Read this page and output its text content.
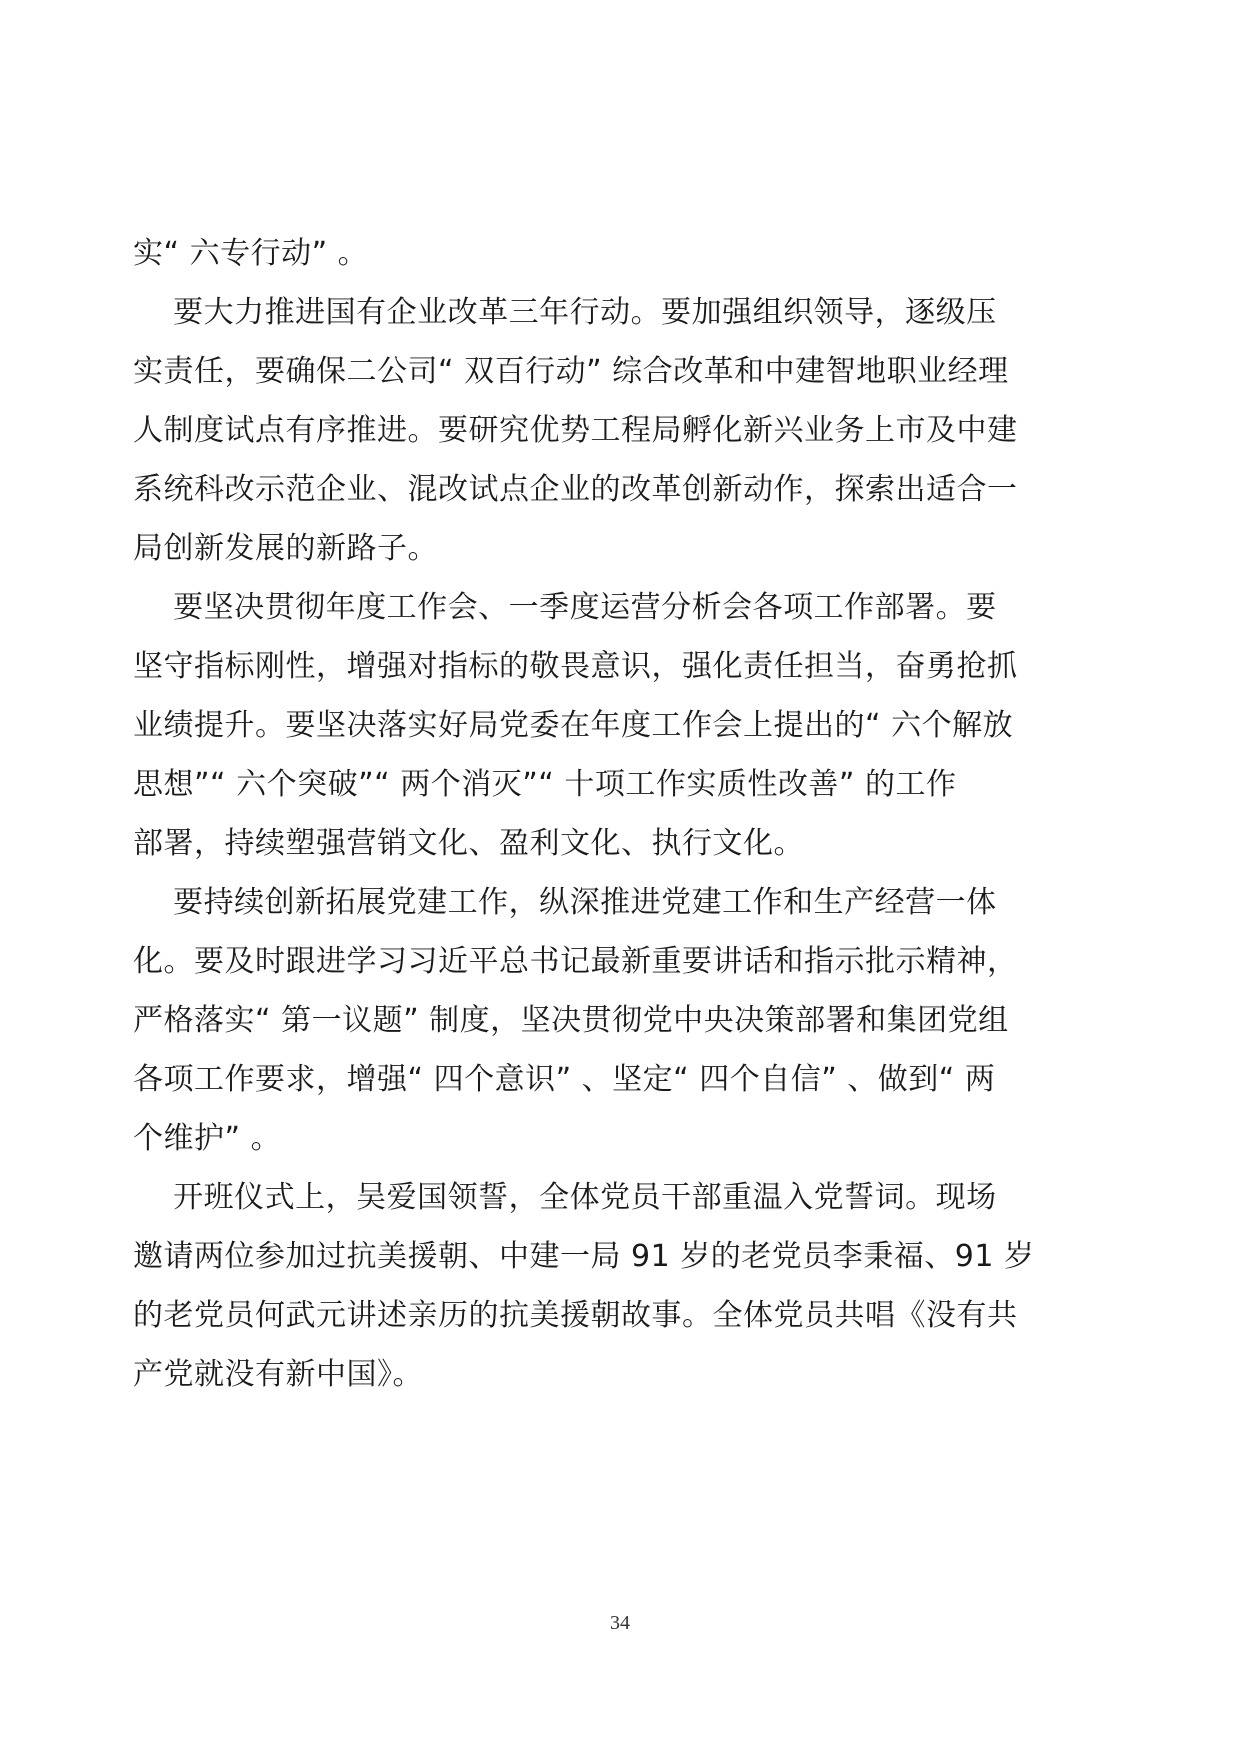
实“ 六专行动” 。
要大力推进国有企业改革三年行动。要加强组织领导，逐级压
实责任，要确保二公司“ 双百行动” 综合改革和中建智地职业经理
人制度试点有序推进。要研究优势工程局孵化新兴业务上市及中建
系统科改示范企业、混改试点企业的改革创新动作，探索出适合一
局创新发展的新路子。
要坚决贯彻年度工作会、一季度运营分析会各项工作部署。要
坚守指标刚性，增强对指标的敬畏意识，强化责任担当，奋勇抢抓
业绩提升。要坚决落实好局党委在年度工作会上提出的“ 六个解放
思想”“ 六个突破”“ 两个消灭”“ 十项工作实质性改善” 的工作
部署，持续塑强营销文化、盈利文化、执行文化。
要持续创新拓展党建工作，纵深推进党建工作和生产经营一体
化。要及时跟进学习习近平总书记最新重要讲话和指示批示精神，
严格落实“ 第一议题” 制度，坚决贯彻党中央决策部署和集团党组
各项工作要求，增强“ 四个意识” 、坚定“ 四个自信” 、做到“ 两
个维护” 。
开班仪式上，吴爱国领誓，全体党员干部重温入党誓词。现场
邀请两位参加过抗美援朝、中建一局 91 岁的老党员李秉福、91 岁
的老党员何武元讲述亲历的抗美援朝故事。全体党员共唱《没有共
产党就没有新中国》。
34
